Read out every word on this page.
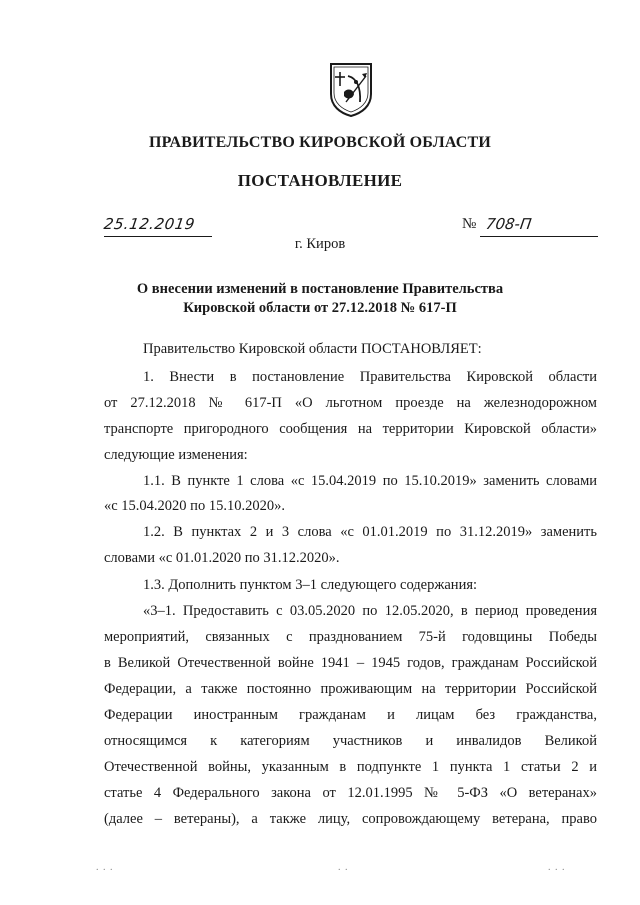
ПРАВИТЕЛЬСТВО КИРОВСКОЙ ОБЛАСТИ
ПОСТАНОВЛЕНИЕ
25.12.2019	№ 708-П
г. Киров
О внесении изменений в постановление Правительства
Кировской области от 27.12.2018 № 617-П
Правительство Кировской области ПОСТАНОВЛЯЕТ:
1. Внести в постановление Правительства Кировской области
от 27.12.2018 № 617-П «О льготном проезде на железнодорожном
транспорте пригородного сообщения на территории Кировской области»
следующие изменения:
1.1. В пункте 1 слова «с 15.04.2019 по 15.10.2019» заменить словами
«с 15.04.2020 по 15.10.2020».
1.2. В пунктах 2 и 3 слова «с 01.01.2019 по 31.12.2019» заменить
словами «с 01.01.2020 по 31.12.2020».
1.3. Дополнить пунктом 3–1 следующего содержания:
«3–1. Предоставить с 03.05.2020 по 12.05.2020, в период проведения
мероприятий, связанных с празднованием 75-й годовщины Победы
в Великой Отечественной войне 1941 – 1945 годов, гражданам Российской
Федерации, а также постоянно проживающим на территории Российской
Федерации иностранным гражданам и лицам без гражданства,
относящимся к категориям участников и инвалидов Великой
Отечественной войны, указанным в подпункте 1 пункта 1 статьи 2 и
статье 4 Федерального закона от 12.01.1995 № 5-ФЗ «О ветеранах»
(далее – ветераны), а также лицу, сопровождающему ветерана, право
. . .	. .	. . .
